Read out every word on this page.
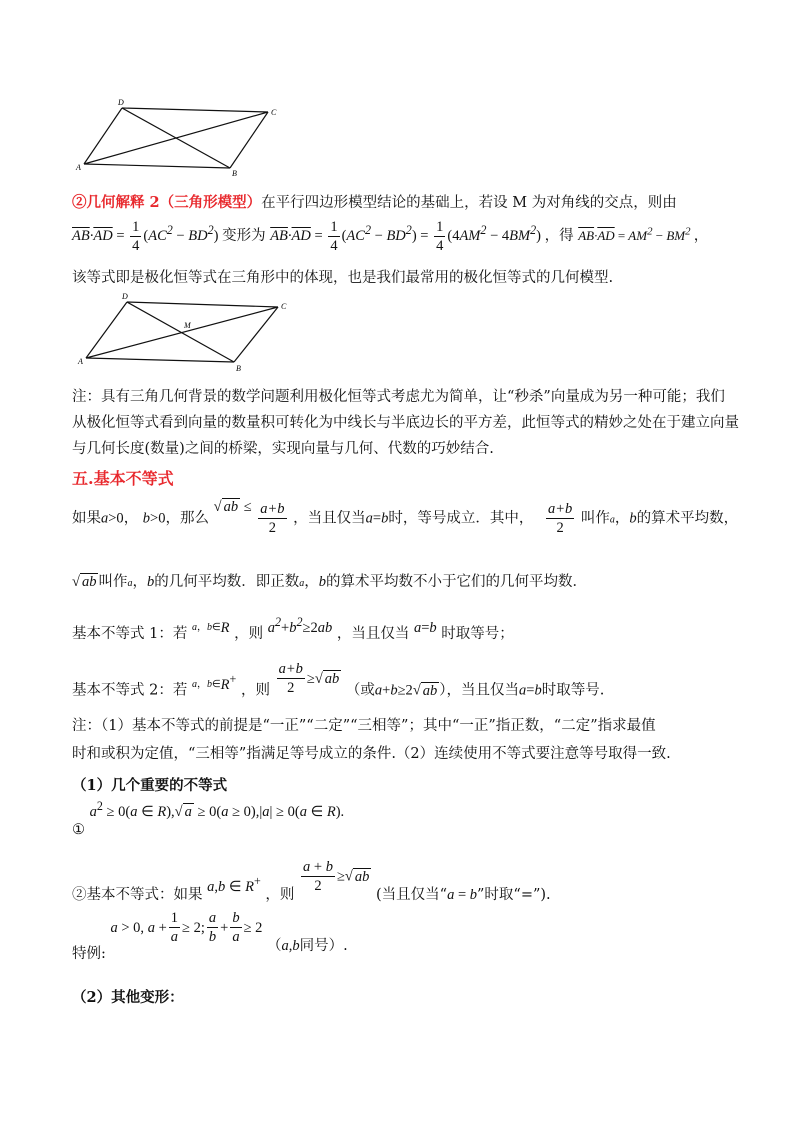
D
C
A
B
②几何解释 2（三角形模型）在平行四边形模型结论的基础上，若设 M 为对角线的交点，则由
$\overline{AB}\cdot\overline{AD} = \frac{1}{4} (AC^2 - BD^2)$ 变形为 $\overline{AB}\cdot\overline{AD} = \frac{1}{4} (AC^2 - BD^2) = \frac{1}{4} (4AM^2 - 4BM^2)$ ，得 $\overline{AB}\cdot\overline{AD} = AM^2 - BM^2$ ，
该等式即是极化恒等式在三角形中的体现，也是我们最常用的极化恒等式的几何模型.
D
C
A
B
M
注：具有三角几何背景的数学问题利用极化恒等式考虑尤为简单，让“秒杀”向量成为另一种可能；我们
从极化恒等式看到向量的数量积可转化为中线长与半底边长的平方差，此恒等式的精妙之处在于建立向量
与几何长度(数量)之间的桥梁，实现向量与几何、代数的巧妙结合.
五.基本不等式
如果a>0， b>0，那么 √ ab ≤ $\frac{a+b}{2}$ ，当且仅当a=b时，等号成立．其中， $\frac{a+b}{2}$ 叫作a，b的算术平均数，
√ ab 叫作a，b的几何平均数．即正数a，b的算术平均数不小于它们的几何平均数．
基本不等式 1：若 $^{a,b\in}$R ，则 $a^2+b^2\ge 2ab$ ，当且仅当 a=b 时取等号；
基本不等式 2：若 $^{a,b\in}$R+ ，则 $\frac{a+b}{2}$ ≥√ ab （或a+b≥2√ ab ），当且仅当a=b时取等号.
注：（1）基本不等式的前提是“一正”“二定”“三相等”；其中“一正”指正数，“二定”指求最值
时和或积为定值，“三相等”指满足等号成立的条件.（2）连续使用不等式要注意等号取得一致.
（1）几个重要的不等式
① $a^2 \ge 0(a$ ∈ R),√ a ≥ 0(a ≥ 0),|a| ≥ 0(a ∈ R).
②基本不等式：如果 a,b ∈ R+ ，则 $\frac{a + b}{2}$ ≥√ ab (当且仅当“a = b”时取“=”).
特例: a > 0, $a + \frac{1}{a} \ge 2$; $\frac{a}{b} + \frac{b}{a} \ge 2$ （a,b同号）.
（2）其他变形：
